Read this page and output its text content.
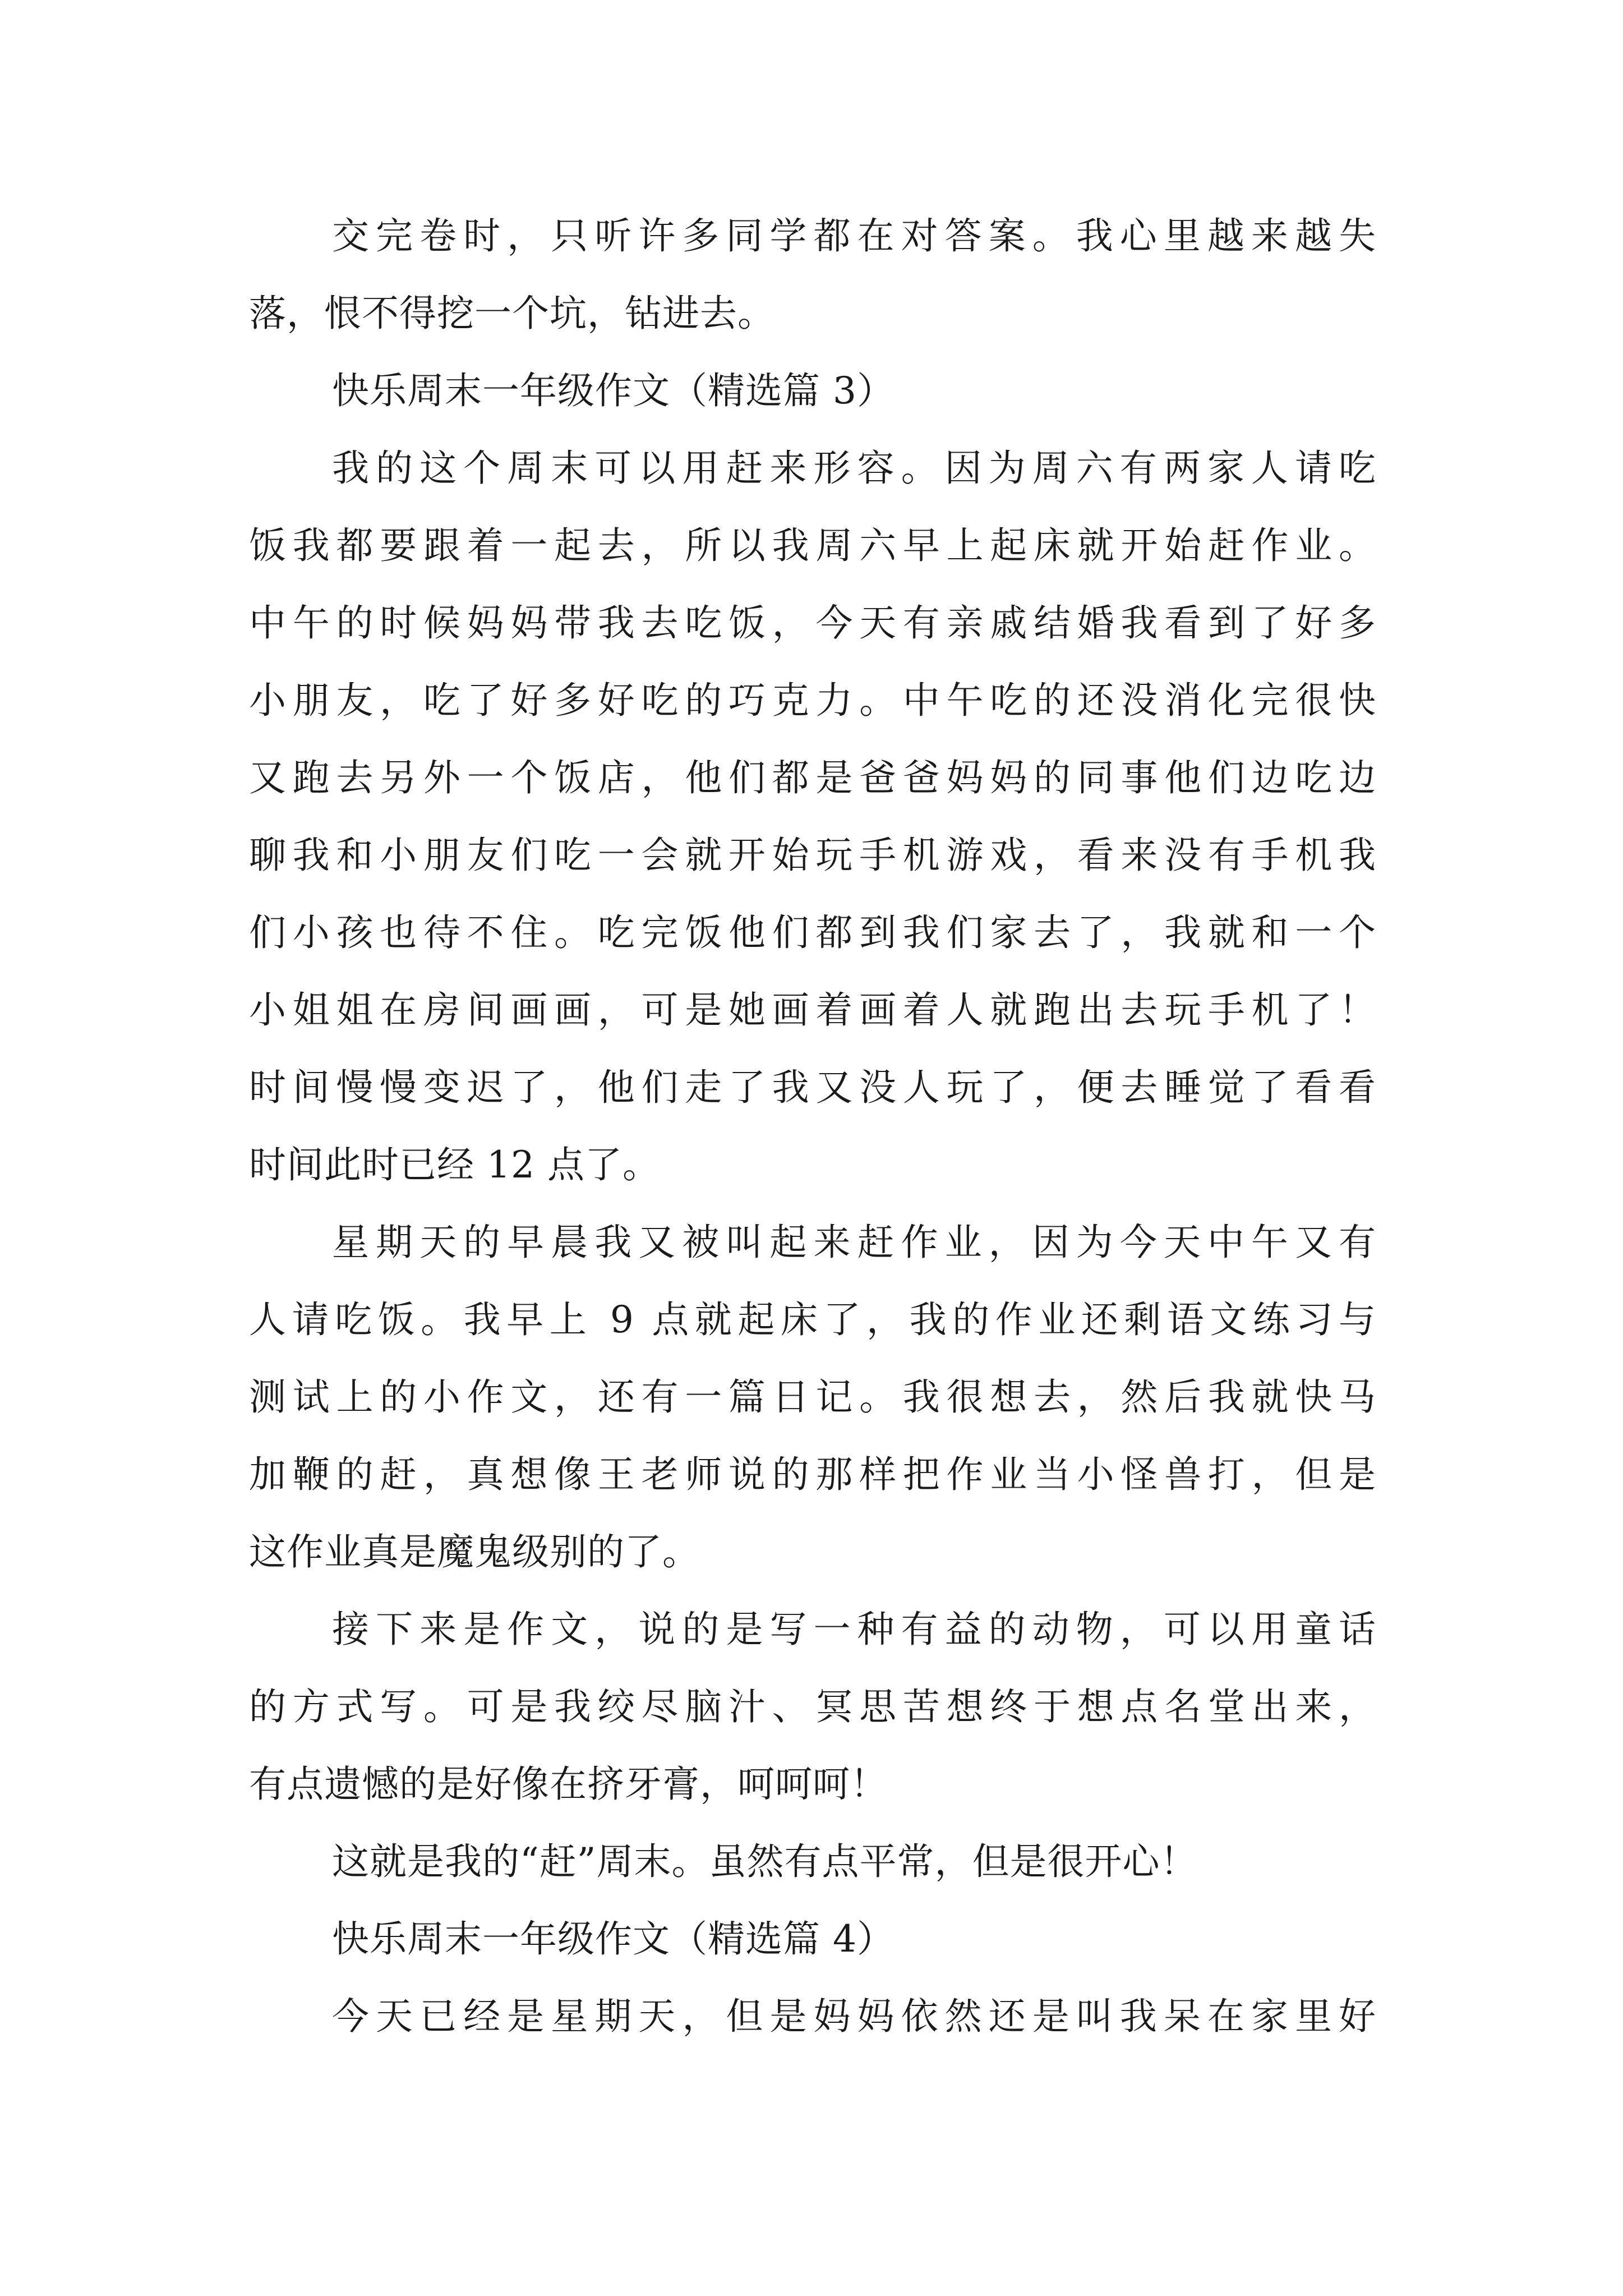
交完卷时，只听许多同学都在对答案。我心里越来越失
落，恨不得挖一个坑，钻进去。
快乐周末一年级作文（精选篇 3）
我的这个周末可以用赶来形容。因为周六有两家人请吃
饭我都要跟着一起去，所以我周六早上起床就开始赶作业。
中午的时候妈妈带我去吃饭，今天有亲戚结婚我看到了好多
小朋友，吃了好多好吃的巧克力。中午吃的还没消化完很快
又跑去另外一个饭店，他们都是爸爸妈妈的同事他们边吃边
聊我和小朋友们吃一会就开始玩手机游戏，看来没有手机我
们小孩也待不住。吃完饭他们都到我们家去了，我就和一个
小姐姐在房间画画，可是她画着画着人就跑出去玩手机了！
时间慢慢变迟了，他们走了我又没人玩了，便去睡觉了看看
时间此时已经 12 点了。
星期天的早晨我又被叫起来赶作业，因为今天中午又有
人请吃饭。我早上 9 点就起床了，我的作业还剩语文练习与
测试上的小作文，还有一篇日记。我很想去，然后我就快马
加鞭的赶，真想像王老师说的那样把作业当小怪兽打，但是
这作业真是魔鬼级别的了。
接下来是作文，说的是写一种有益的动物，可以用童话
的方式写。可是我绞尽脑汁、冥思苦想终于想点名堂出来，
有点遗憾的是好像在挤牙膏，呵呵呵！
这就是我的“赶”周末。虽然有点平常，但是很开心！
快乐周末一年级作文（精选篇 4）
今天已经是星期天，但是妈妈依然还是叫我呆在家里好
